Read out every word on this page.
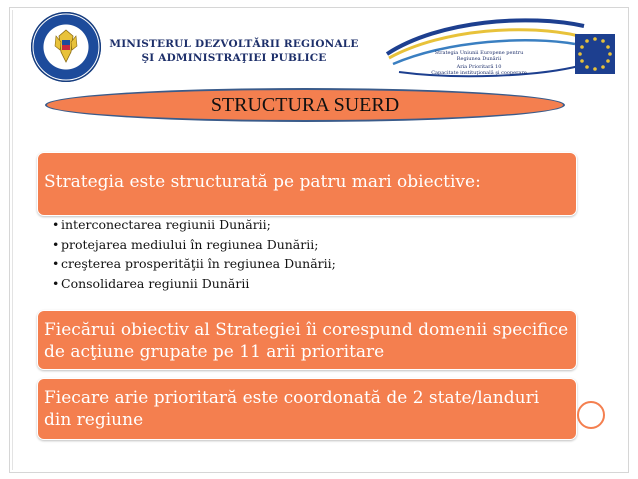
MINISTERUL DEZVOLTĂRII REGIONALE
ŞI ADMINISTRAŢIEI PUBLICE	Strategia Uniunii Europene pentru
Regiunea Dunării
Aria Prioritară 10
Capacitate instituţională şi cooperare
STRUCTURA SUERD
Strategia este structurată pe patru mari obiective:
• interconectarea regiunii Dunării;
• protejarea mediului în regiunea Dunării;
• creşterea prosperităţii în regiunea Dunării;
• Consolidarea regiunii Dunării
Fiecărui obiectiv al Strategiei îi corespund domenii specifice de acţiune grupate pe 11 arii prioritare
Fiecare arie prioritară este coordonată de 2 state/landuri din regiune
